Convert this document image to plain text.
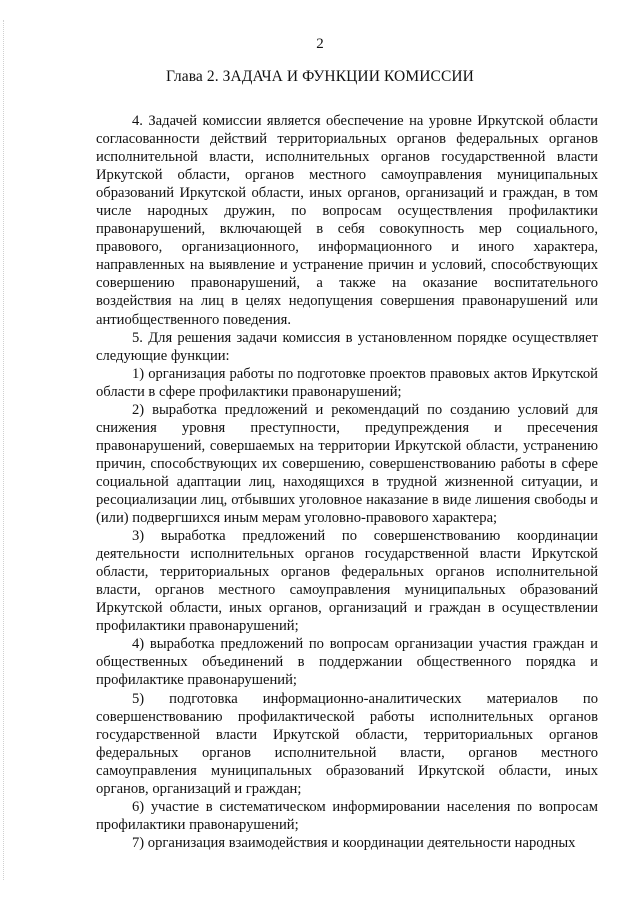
2
Глава 2. ЗАДАЧА И ФУНКЦИИ КОМИССИИ

4. Задачей комиссии является обеспечение на уровне Иркутской области согласованности действий территориальных органов федеральных органов исполнительной власти, исполнительных органов государственной власти Иркутской области, органов местного самоуправления муниципальных образований Иркутской области, иных органов, организаций и граждан, в том числе народных дружин, по вопросам осуществления профилактики правонарушений, включающей в себя совокупность мер социального, правового, организационного, информационного и иного характера, направленных на выявление и устранение причин и условий, способствующих совершению правонарушений, а также на оказание воспитательного воздействия на лиц в целях недопущения совершения правонарушений или антиобщественного поведения.

5. Для решения задачи комиссия в установленном порядке осуществляет следующие функции:

1) организация работы по подготовке проектов правовых актов Иркутской области в сфере профилактики правонарушений;

2) выработка предложений и рекомендаций по созданию условий для снижения уровня преступности, предупреждения и пресечения правонарушений, совершаемых на территории Иркутской области, устранению причин, способствующих их совершению, совершенствованию работы в сфере социальной адаптации лиц, находящихся в трудной жизненной ситуации, и ресоциализации лиц, отбывших уголовное наказание в виде лишения свободы и (или) подвергшихся иным мерам уголовно-правового характера;

3) выработка предложений по совершенствованию координации деятельности исполнительных органов государственной власти Иркутской области, территориальных органов федеральных органов исполнительной власти, органов местного самоуправления муниципальных образований Иркутской области, иных органов, организаций и граждан в осуществлении профилактики правонарушений;

4) выработка предложений по вопросам организации участия граждан и общественных объединений в поддержании общественного порядка и профилактике правонарушений;

5) подготовка информационно-аналитических материалов по совершенствованию профилактической работы исполнительных органов государственной власти Иркутской области, территориальных органов федеральных органов исполнительной власти, органов местного самоуправления муниципальных образований Иркутской области, иных органов, организаций и граждан;

6) участие в систематическом информировании населения по вопросам профилактики правонарушений;

7) организация взаимодействия и координации деятельности народных
